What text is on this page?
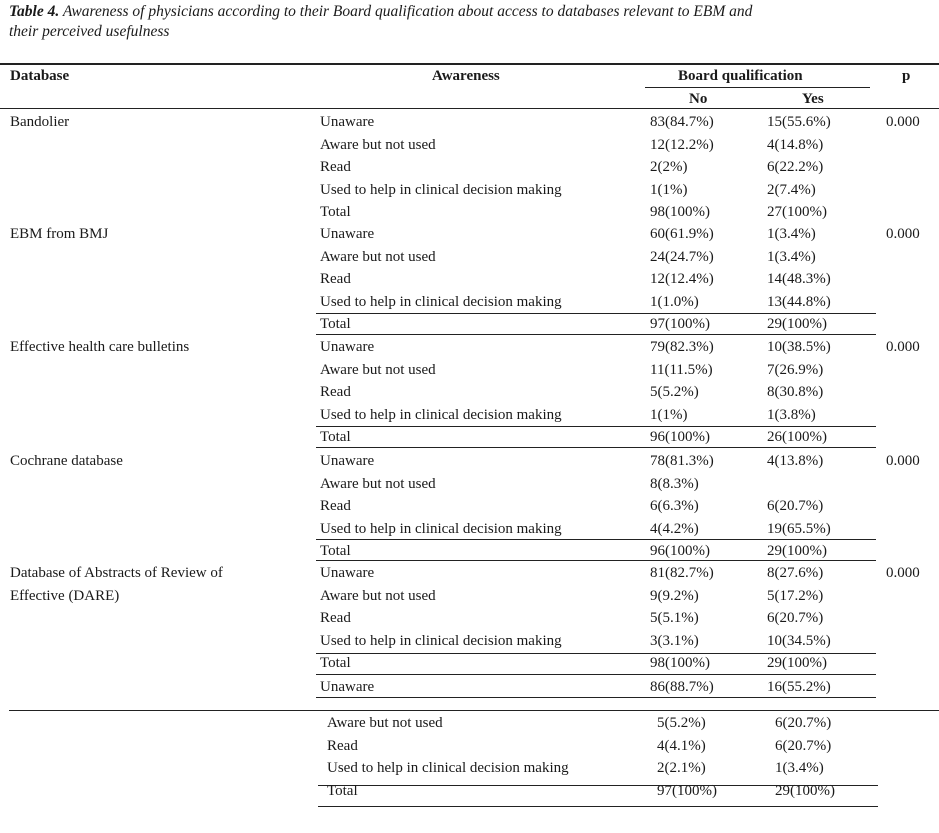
Table 4. Awareness of physicians according to their Board qualification about access to databases relevant to EBM and
their perceived usefulness
Database	Awareness	Board qualification	p
No	Yes
Bandolier	0.000
Unaware	83(84.7%)	15(55.6%)
Aware but not used	12(12.2%)	4(14.8%)
Read	2(2%)	6(22.2%)
Used to help in clinical decision making	1(1%)	2(7.4%)
Total	98(100%)	27(100%)
EBM from BMJ	0.000
Unaware	60(61.9%)	1(3.4%)
Aware but not used	24(24.7%)	1(3.4%)
Read	12(12.4%)	14(48.3%)
Used to help in clinical decision making	1(1.0%)	13(44.8%)
Total	97(100%)	29(100%)
Effective health care bulletins	0.000
Unaware	79(82.3%)	10(38.5%)
Aware but not used	11(11.5%)	7(26.9%)
Read	5(5.2%)	8(30.8%)
Used to help in clinical decision making	1(1%)	1(3.8%)
Total	96(100%)	26(100%)
Cochrane database	0.000
Unaware	78(81.3%)	4(13.8%)
Aware but not used	8(8.3%)
Read	6(6.3%)	6(20.7%)
Used to help in clinical decision making	4(4.2%)	19(65.5%)
Total	96(100%)	29(100%)
Database of Abstracts of Review of
Effective (DARE)
0.000
Unaware	81(82.7%)	8(27.6%)
Aware but not used	9(9.2%)	5(17.2%)
Read	5(5.1%)	6(20.7%)
Used to help in clinical decision making	3(3.1%)	10(34.5%)
Total	98(100%)	29(100%)
Unaware	86(88.7%)	16(55.2%)
Aware but not used	5(5.2%)	6(20.7%)
Read	4(4.1%)	6(20.7%)
Used to help in clinical decision making	2(2.1%)	1(3.4%)
Total	97(100%)	29(100%)
